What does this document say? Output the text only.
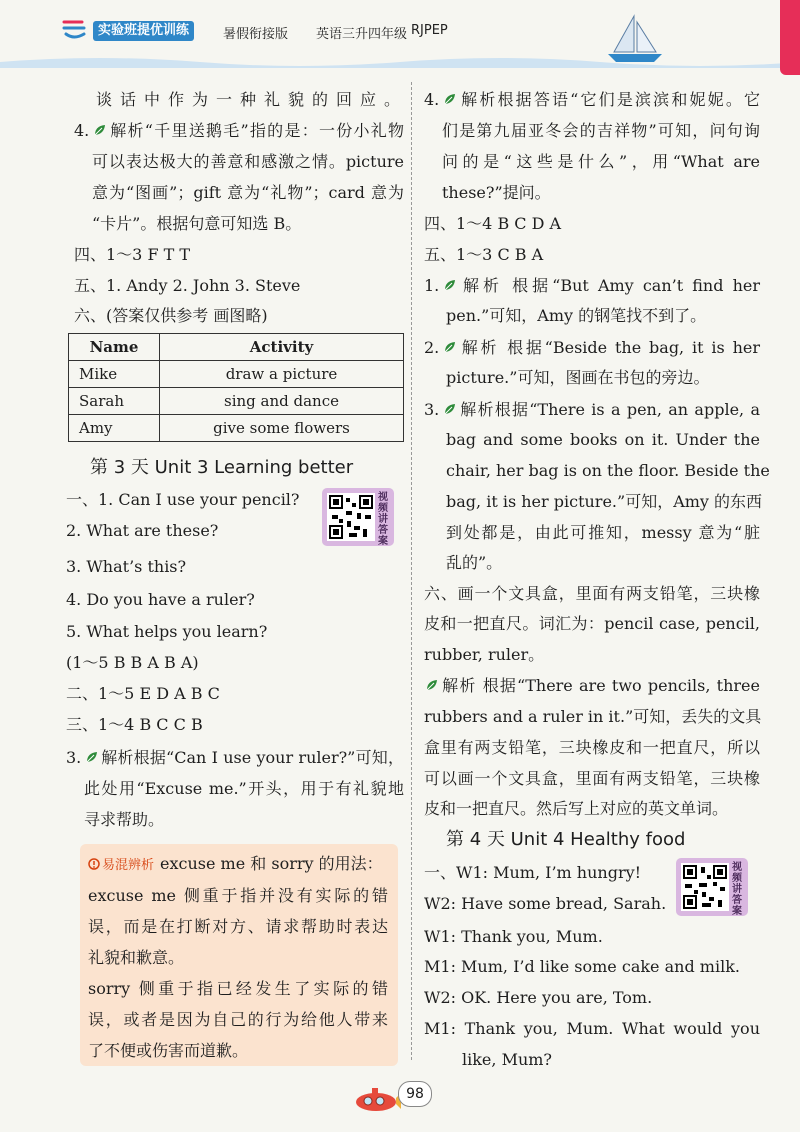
实验班提优训练	暑假衔接版 英语三升四年级 RJPEP
谈话中作为一种礼貌的回应。
4.	解析“千里送鹅毛”指的是：一份小礼物
可以表达极大的善意和感激之情。picture
意为“图画”；gift 意为“礼物”；card 意为
“卡片”。根据句意可知选 B。
四、1～3 F T T
五、1. Andy 2. John 3. Steve
六、(答案仅供参考 画图略)
Name	Activity
Mike	draw a picture
Sarah	sing and dance
Amy	give some flowers
第 3 天 Unit 3 Learning better
一、1. Can I use your pencil?	视频讲答案
2. What are these?
3. What’s this?
4. Do you have a ruler?
5. What helps you learn?
(1～5 B B A B A)
二、1～5 E D A B C
三、1～4 B C C B
3.	解析根据“Can I use your ruler?”可知，
此处用“Excuse me.”开头，用于有礼貌地
寻求帮助。
易混辨析 excuse me 和 sorry 的用法：
excuse me 侧重于指并没有实际的错
误，而是在打断对方、请求帮助时表达
礼貌和歉意。
sorry 侧重于指已经发生了实际的错
误，或者是因为自己的行为给他人带来
了不便或伤害而道歉。
4.	解析根据答语“它们是滨滨和妮妮。它
们是第九届亚冬会的吉祥物”可知，问句询
问的是“这些是什么”，用“What are
these?”提问。
四、1～4 B C D A
五、1～3 C B A
1.	解析 根据“But Amy can’t find her
pen.”可知，Amy 的钢笔找不到了。
2.	解析 根据“Beside the bag, it is her
picture.”可知，图画在书包的旁边。
3.	解析根据“There is a pen, an apple, a
bag and some books on it. Under the
chair, her bag is on the floor. Beside the
bag, it is her picture.”可知，Amy 的东西
到处都是，由此可推知，messy 意为“脏
乱的”。
六、画一个文具盒，里面有两支铅笔，三块橡
皮和一把直尺。词汇为：pencil case, pencil,
rubber, ruler。
解析 根据“There are two pencils, three
rubbers and a ruler in it.”可知，丢失的文具
盒里有两支铅笔，三块橡皮和一把直尺，所以
可以画一个文具盒，里面有两支铅笔，三块橡
皮和一把直尺。然后写上对应的英文单词。
第 4 天 Unit 4 Healthy food
一、W1: Mum, I’m hungry!	视频讲答案
W2: Have some bread, Sarah.
W1: Thank you, Mum.
M1: Mum, I’d like some cake and milk.
W2: OK. Here you are, Tom.
M1: Thank you, Mum. What would you
like, Mum?
98
